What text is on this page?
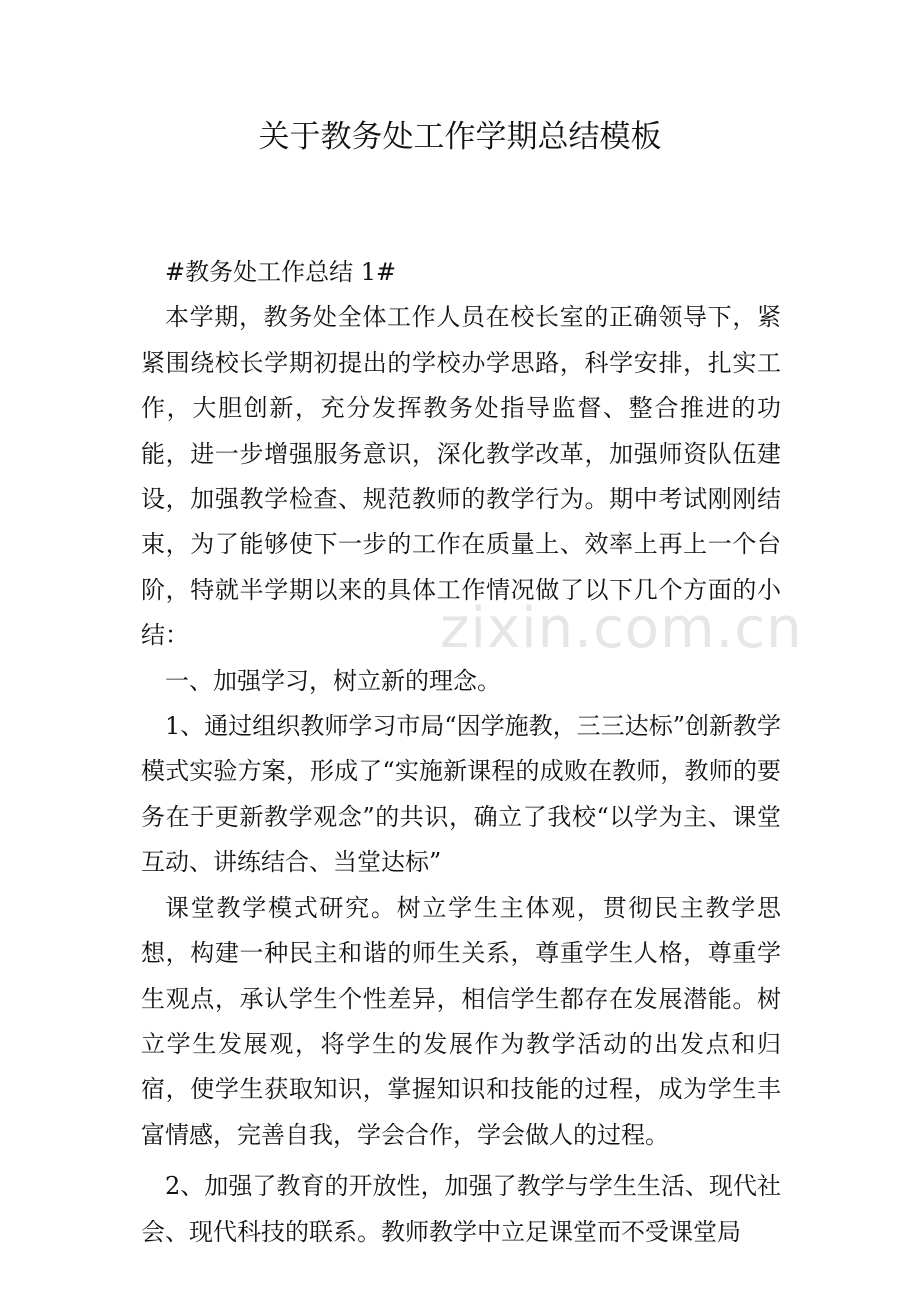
zixin.com.cn
关于教务处工作学期总结模板

#教务处工作总结 1#

本学期，教务处全体工作人员在校长室的正确领导下，紧紧围绕校长学期初提出的学校办学思路，科学安排，扎实工作，大胆创新，充分发挥教务处指导监督、整合推进的功能，进一步增强服务意识，深化教学改革，加强师资队伍建设，加强教学检查、规范教师的教学行为。期中考试刚刚结束，为了能够使下一步的工作在质量上、效率上再上一个台阶，特就半学期以来的具体工作情况做了以下几个方面的小结：

一、加强学习，树立新的理念。

1、通过组织教师学习市局“因学施教，三三达标”创新教学模式实验方案，形成了“实施新课程的成败在教师，教师的要务在于更新教学观念”的共识，确立了我校“以学为主、课堂互动、讲练结合、当堂达标”

课堂教学模式研究。树立学生主体观，贯彻民主教学思想，构建一种民主和谐的师生关系，尊重学生人格，尊重学生观点，承认学生个性差异，相信学生都存在发展潜能。树立学生发展观，将学生的发展作为教学活动的出发点和归宿，使学生获取知识，掌握知识和技能的过程，成为学生丰富情感，完善自我，学会合作，学会做人的过程。

2、加强了教育的开放性，加强了教学与学生生活、现代社会、现代科技的联系。教师教学中立足课堂而不受课堂局
